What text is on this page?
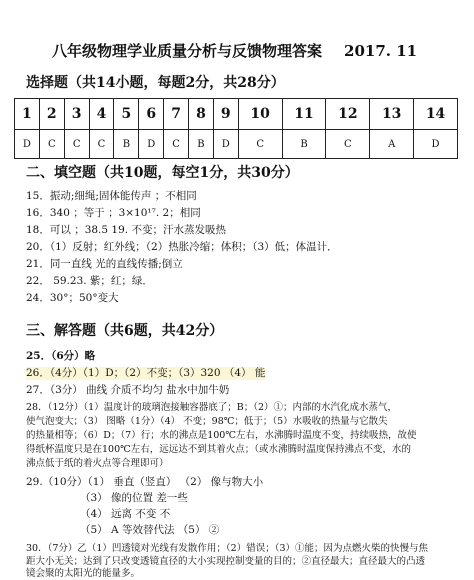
八年级物理学业质量分析与反馈物理答案 2017. 11
选择题（共14小题，每题2分，共28分）
1	2	3	4	5	6	7	8	9	10	11	12	13	14
D	C	C	C	B	D	C	B	D	C	B	C	A	D
二、填空题（共10题，每空1分，共30分）
15．振动;细绳;固体能传声 ；不相同
16．340 ；等于 ；3×10¹⁷. 2；相同
18．可以 ；38.5 19. 不变；汗水蒸发吸热
20．（1）反射；红外线；（2）热胀冷缩；体积；（3）低；体温计．
21．同一直线 光的直线传播;倒立
22． 59.23. 紫；红；绿．
24．30°；50°变大
三、解答题（共6题，共42分）
25．（6分）略
26．（4分）（1）D；（2）不变；（3）320 （4） 能
27．（3分） 曲线 介质不均匀 盐水中加牛奶
28．（12分）（1）温度计的玻璃泡接触容器底了；B；（2）①；内部的水汽化成水蒸气，
使气泡变大；（3） 图略（1分）（4） 不变；98℃；低于；（5）水吸收的热量与它散失
的热量相等；（6）D；（7）行；水的沸点是100℃左右，水沸腾时温度不变，持续吸热，故使
得纸杯温度只是在100℃左右，远远达不到其着火点；（或水沸腾时温度保持沸点不变，水的
沸点低于纸的着火点等合理即可）
29.（10分）（1） 垂直（竖直） （2） 像与物大小
（3） 像的位置 差一些
（4） 远离 不变 不
（5） A 等效替代法 （5） ②
30．（7分）乙（1）凹透镜对光线有发散作用；（2）错误；（3）①能；因为点燃火柴的快慢与焦
距大小无关；达到了只改变透镜直径的大小实现控制变量的目的；②直径最大；直径最大的凸透
镜会聚的太阳光的能量多。
